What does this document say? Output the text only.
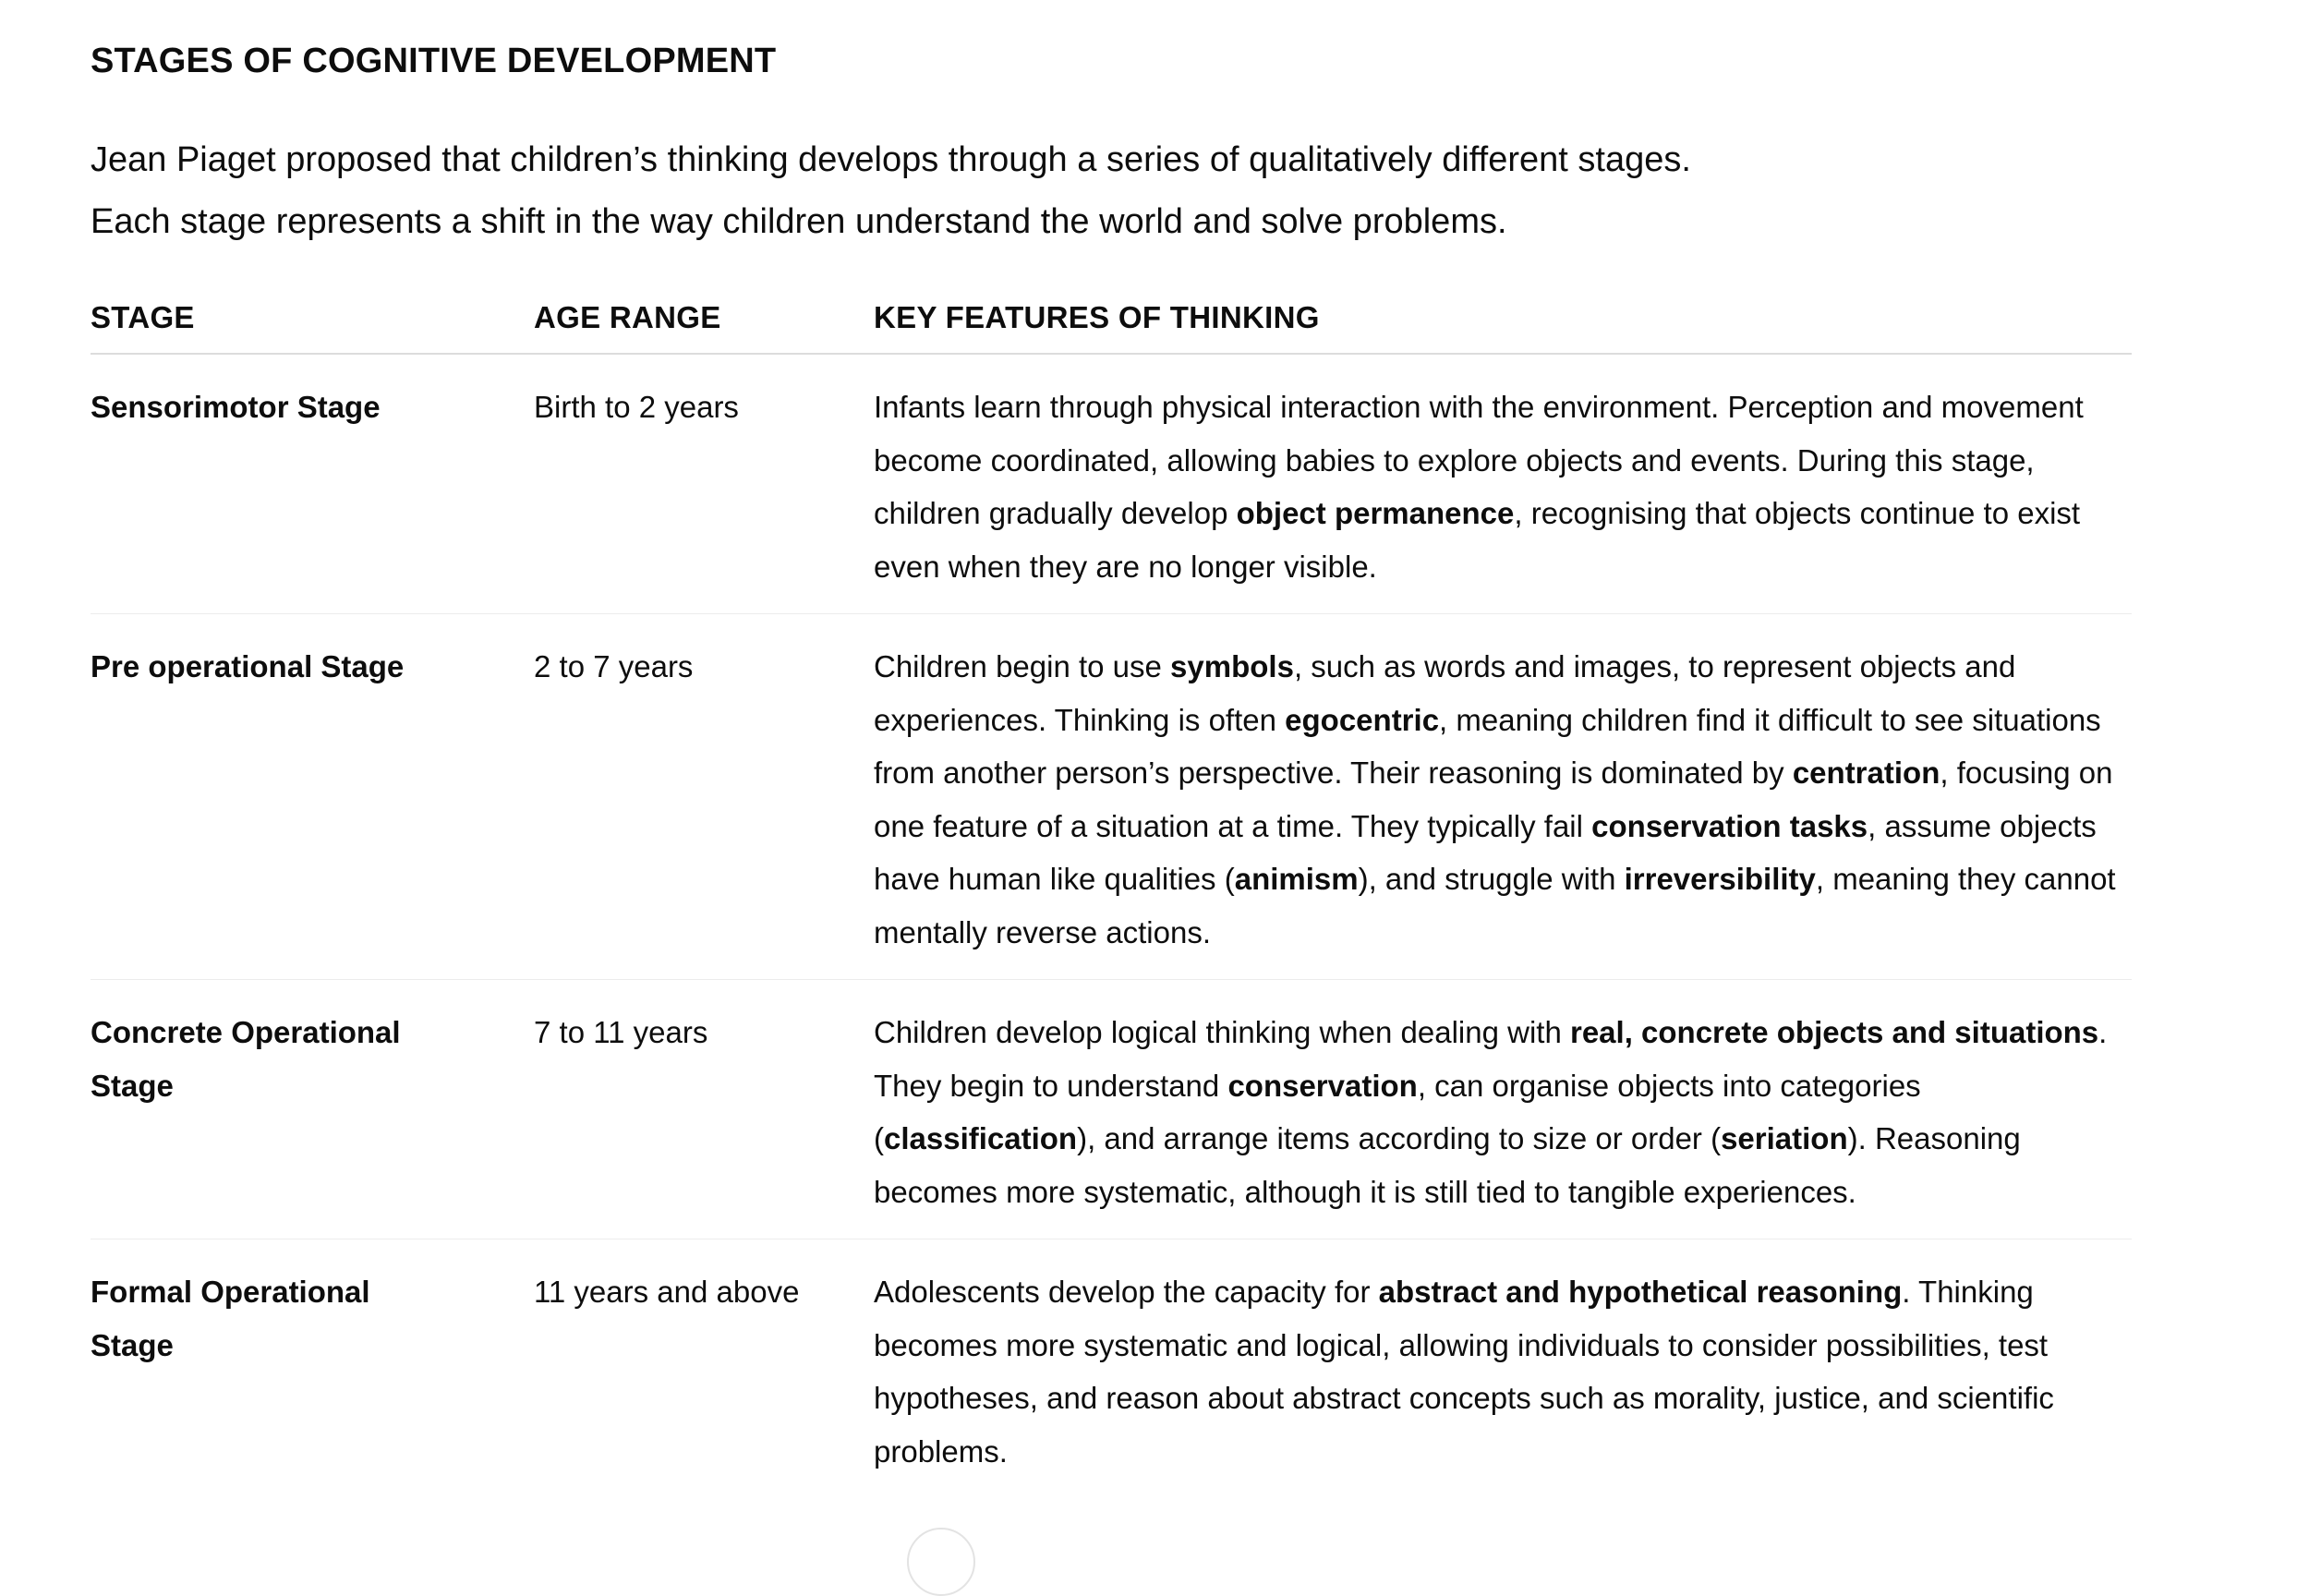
STAGES OF COGNITIVE DEVELOPMENT

Jean Piaget proposed that children’s thinking develops through a series of qualitatively different stages.

Each stage represents a shift in the way children understand the world and solve problems.

STAGE	AGE RANGE	KEY FEATURES OF THINKING
Sensorimotor Stage	Birth to 2 years	Infants learn through physical interaction with the environment. Perception and movement become coordinated, allowing babies to explore objects and events. During this stage, children gradually develop object permanence, recognising that objects continue to exist even when they are no longer visible.
Pre operational Stage	2 to 7 years	Children begin to use symbols, such as words and images, to represent objects and experiences. Thinking is often egocentric, meaning children find it difficult to see situations from another person’s perspective. Their reasoning is dominated by centration, focusing on one feature of a situation at a time. They typically fail conservation tasks, assume objects have human like qualities (animism), and struggle with irreversibility, meaning they cannot mentally reverse actions.
Concrete Operational Stage	7 to 11 years	Children develop logical thinking when dealing with real, concrete objects and situations. They begin to understand conservation, can organise objects into categories (classification), and arrange items according to size or order (seriation). Reasoning becomes more systematic, although it is still tied to tangible experiences.
Formal Operational Stage	11 years and above	Adolescents develop the capacity for abstract and hypothetical reasoning. Thinking becomes more systematic and logical, allowing individuals to consider possibilities, test hypotheses, and reason about abstract concepts such as morality, justice, and scientific problems.
